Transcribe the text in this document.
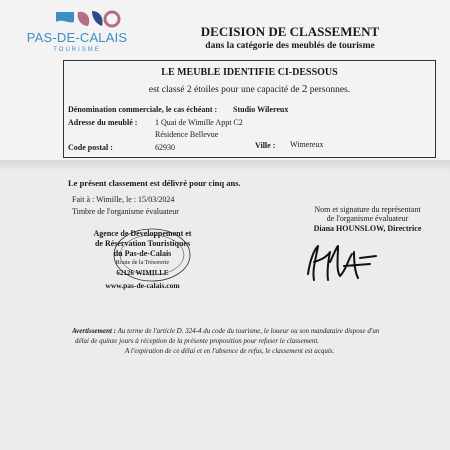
PAS-DE-CALAIS
TOURISME
DECISION DE CLASSEMENT
dans la catégorie des meublés de tourisme
LE MEUBLE IDENTIFIE CI-DESSOUS
est classé 2 étoiles pour une capacité de 2 personnes.
Dénomination commerciale, le cas échéant : Studio Wilereux
Adresse du meublé : 1 Quai de Wimille Appt C2
Résidence Bellevue
Code postal :	62930	Ville : Wimereux
Le présent classement est délivré pour cinq ans.
Fait à : Wimille, le : 15/03/2024
Timbre de l'organisme évaluateur	Nom et signature du représentant
de l'organisme évaluateur
Diana HOUNSLOW, Directrice
Agence de Développement et
de Réservation Touristiques
du Pas-de-Calais
Route de la Trésorerie
62126 WIMILLE
www.pas-de-calais.com
Avertissement : Au terme de l'article D. 324-4 du code du tourisme, le loueur ou son mandataire dispose d'un
délai de quinze jours à réception de la présente proposition pour refuser le classement.
A l'expiration de ce délai et en l'absence de refus, le classement est acquis.
